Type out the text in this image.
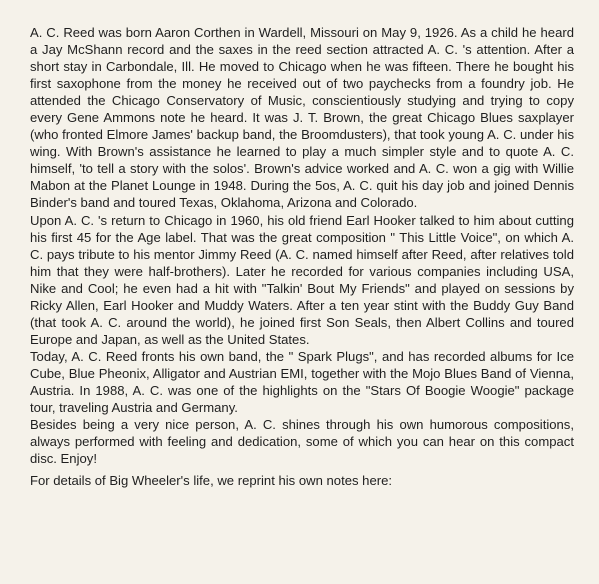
A. C. Reed was born Aaron Corthen in Wardell, Missouri on May 9, 1926. As a child he heard a Jay McShann record and the saxes in the reed section attracted A. C. 's attention. After a short stay in Carbondale, Ill. He moved to Chicago when he was fifteen. There he bought his first saxophone from the money he received out of two paychecks from a foundry job. He attended the Chicago Conservatory of Music, conscientiously studying and trying to copy every Gene Ammons note he heard. It was J. T. Brown, the great Chicago Blues saxplayer (who fronted Elmore James' backup band, the Broomdusters), that took young A. C. under his wing. With Brown's assistance he learned to play a much simpler style and to quote A. C. himself, 'to tell a story with the solos'. Brown's advice worked and A. C. won a gig with Willie Mabon at the Planet Lounge in 1948. During the 5os, A. C. quit his day job and joined Dennis Binder's band and toured Texas, Oklahoma, Arizona and Colorado.

Upon A. C. 's return to Chicago in 1960, his old friend Earl Hooker talked to him about cutting his first 45 for the Age label. That was the great composition " This Little Voice", on which A. C. pays tribute to his mentor Jimmy Reed (A. C. named himself after Reed, after relatives told him that they were half-brothers). Later he recorded for various companies including USA, Nike and Cool; he even had a hit with "Talkin' Bout My Friends" and played on sessions by Ricky Allen, Earl Hooker and Muddy Waters. After a ten year stint with the Buddy Guy Band (that took A. C. around the world), he joined first Son Seals, then Albert Collins and toured Europe and Japan, as well as the United States.

Today, A. C. Reed fronts his own band, the " Spark Plugs", and has recorded albums for Ice Cube, Blue Pheonix, Alligator and Austrian EMI, together with the Mojo Blues Band of Vienna, Austria. In 1988, A. C. was one of the highlights on the "Stars Of Boogie Woogie" package tour, traveling Austria and Germany.

Besides being a very nice person, A. C. shines through his own humorous compositions, always performed with feeling and dedication, some of which you can hear on this compact disc. Enjoy!

For details of Big Wheeler's life, we reprint his own notes here:
